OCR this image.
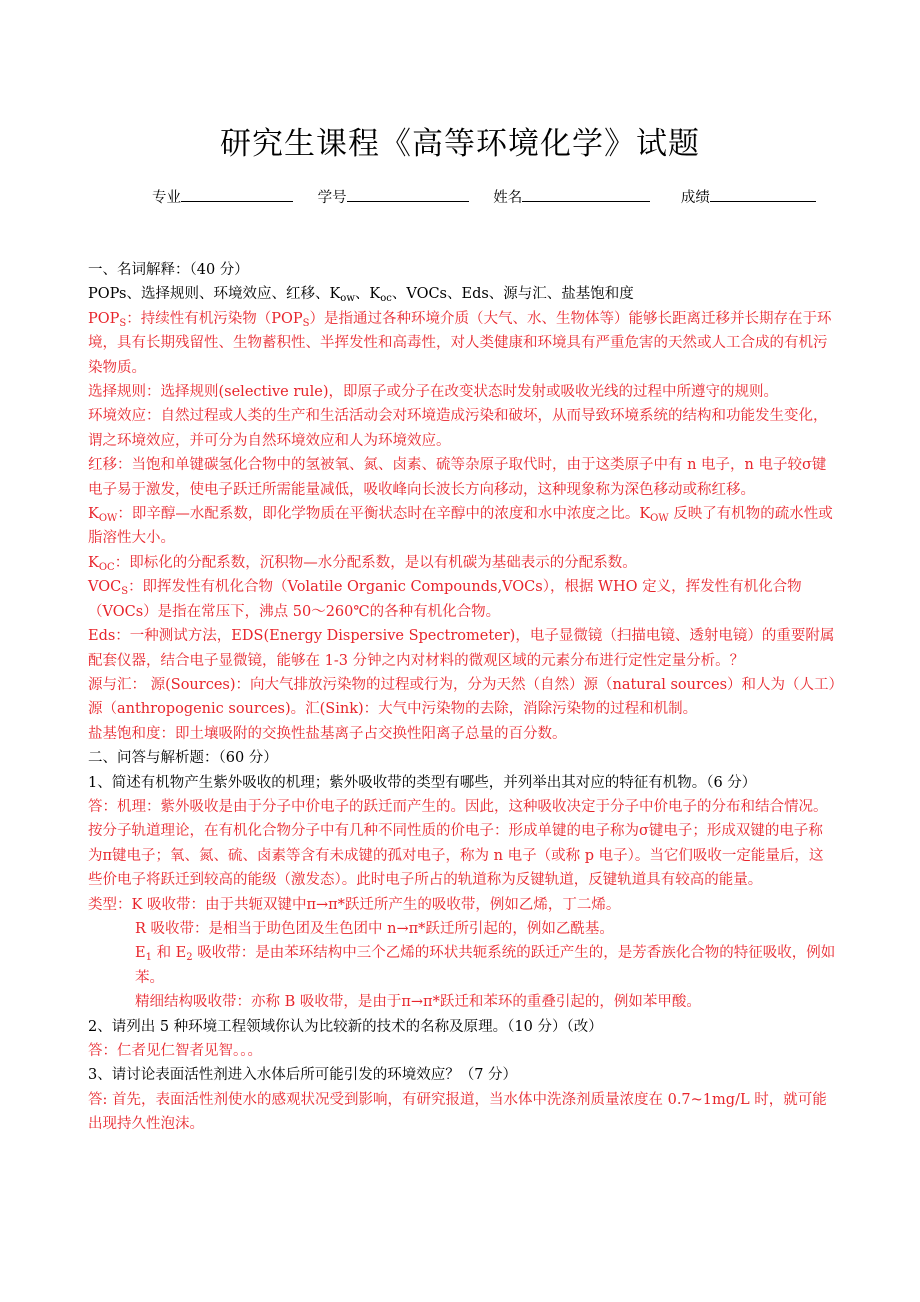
研究生课程《高等环境化学》试题
专业	学号	姓名	成绩

一、名词解释：（40 分）

POPs、选择规则、环境效应、红移、$K_{ow}$、$K_{oc}$、VOCs、Eds、源与汇、盐基饱和度

$POP_S$：持续性有机污染物$(POP_S)$是指通过各种环境介质（大气、水、生物体等）能够长距离迁移并长期存在于环境，具有长期残留性、生物蓄积性、半挥发性和高毒性，对人类健康和环境具有严重危害的天然或人工合成的有机污染物质。

选择规则：选择规则(selective rule)，即原子或分子在改变状态时发射或吸收光线的过程中所遵守的规则。

环境效应：自然过程或人类的生产和生活活动会对环境造成污染和破坏，从而导致环境系统的结构和功能发生变化，谓之环境效应，并可分为自然环境效应和人为环境效应。

红移：当饱和单键碳氢化合物中的氢被氧、氮、卤素、硫等杂原子取代时，由于这类原子中有 n 电子，n 电子较σ键电子易于激发，使电子跃迁所需能量减低，吸收峰向长波长方向移动，这种现象称为深色移动或称红移。

$K_{OW}$：即辛醇—水配系数，即化学物质在平衡状态时在辛醇中的浓度和水中浓度之比。$K_{OW}$ 反映了有机物的疏水性或脂溶性大小。

$K_{OC}$：即标化的分配系数，沉积物—水分配系数，是以有机碳为基础表示的分配系数。

$VOC_S$：即挥发性有机化合物（Volatile Organic Compounds,VOCs），根据 WHO 定义，挥发性有机化合物（VOCs）是指在常压下，沸点 50～260℃的各种有机化合物。

Eds：一种测试方法，EDS(Energy Dispersive Spectrometer)，电子显微镜（扫描电镜、透射电镜）的重要附属配套仪器，结合电子显微镜，能够在 1-3 分钟之内对材料的微观区域的元素分布进行定性定量分析。？

源与汇： 源(Sources)：向大气排放污染物的过程或行为，分为天然（自然）源（natural sources）和人为（人工）源（anthropogenic sources)。汇(Sink)：大气中污染物的去除，消除污染物的过程和机制。

盐基饱和度：即土壤吸附的交换性盐基离子占交换性阳离子总量的百分数。

二、问答与解析题：（60 分）

1、简述有机物产生紫外吸收的机理；紫外吸收带的类型有哪些，并列举出其对应的特征有机物。（6 分）

答：机理：紫外吸收是由于分子中价电子的跃迁而产生的。因此，这种吸收决定于分子中价电子的分布和结合情况。按分子轨道理论，在有机化合物分子中有几种不同性质的价电子：形成单键的电子称为σ键电子；形成双键的电子称为π键电子；氧、氮、硫、卤素等含有未成键的孤对电子，称为 n 电子（或称 p 电子）。当它们吸收一定能量后，这些价电子将跃迁到较高的能级（激发态）。此时电子所占的轨道称为反键轨道，反键轨道具有较高的能量。

类型：K 吸收带：由于共轭双键中π→π*跃迁所产生的吸收带，例如乙烯，丁二烯。

R 吸收带：是相当于助色团及生色团中 n→π*跃迁所引起的，例如乙酰基。

$E_1$ 和 $E_2$ 吸收带：是由苯环结构中三个乙烯的环状共轭系统的跃迁产生的，是芳香族化合物的特征吸收，例如苯。

精细结构吸收带：亦称 B 吸收带，是由于π→π*跃迁和苯环的重叠引起的，例如苯甲酸。

2、请列出 5 种环境工程领域你认为比较新的技术的名称及原理。（10 分）（改）

答：仁者见仁智者见智。。。

3、请讨论表面活性剂进入水体后所可能引发的环境效应？（7 分）

答: 首先，表面活性剂使水的感观状况受到影响，有研究报道，当水体中洗涤剂质量浓度在 0.7~1mg/L 时，就可能出现持久性泡沫。
